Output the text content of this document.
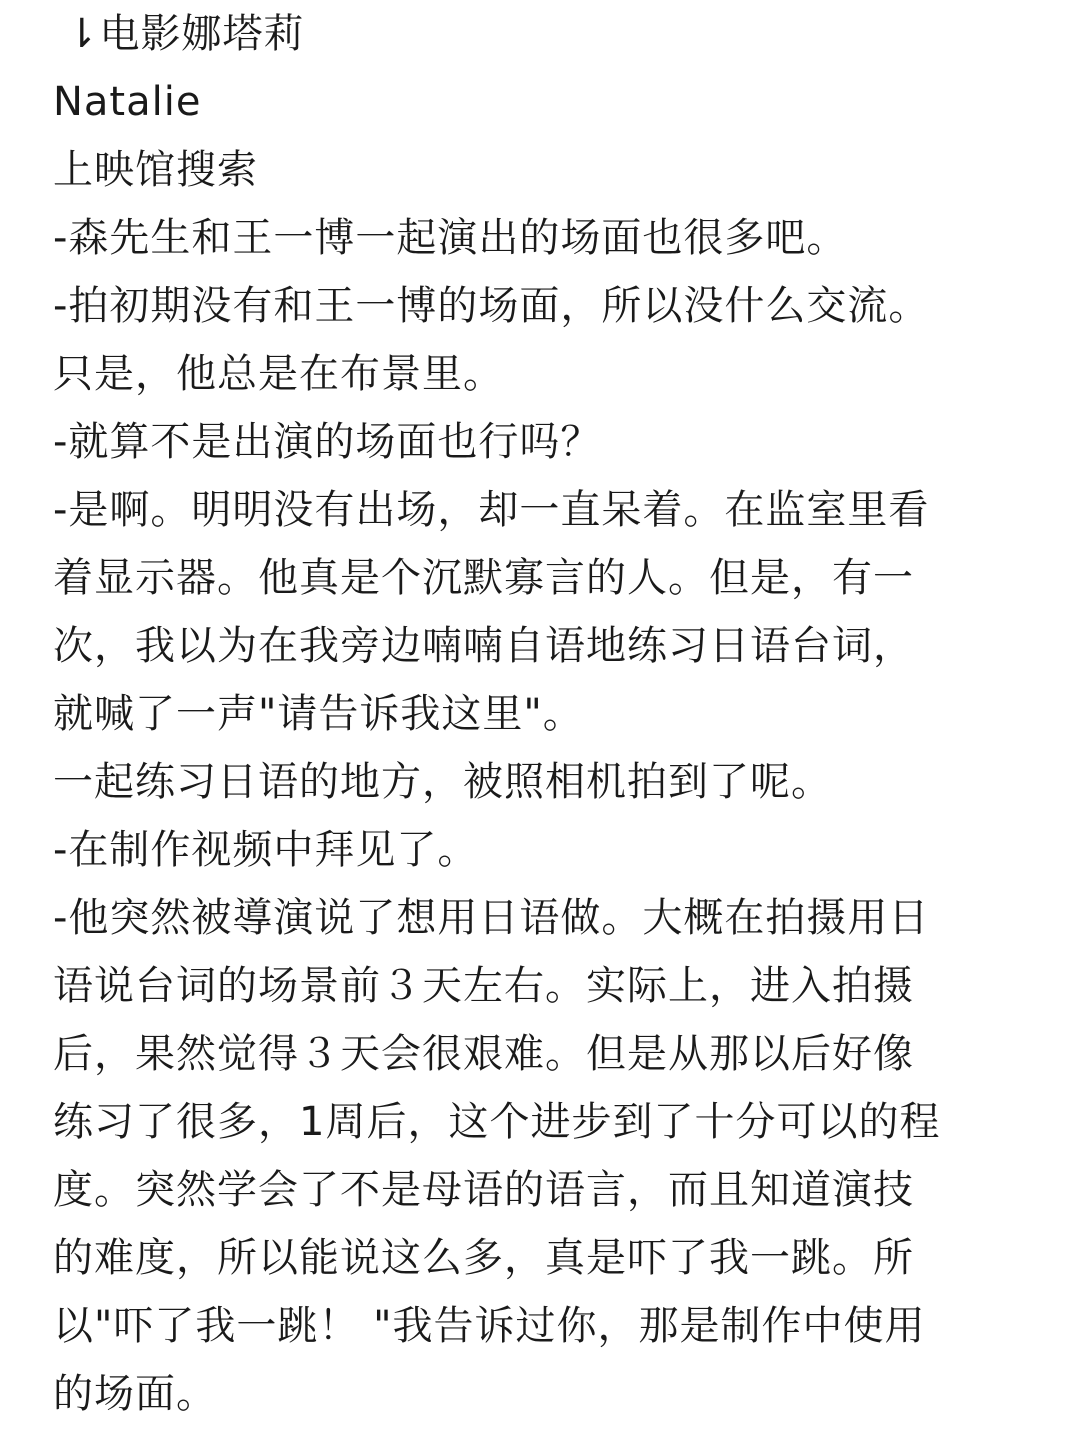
⇂电影娜塔莉
Natalie
上映馆搜索
-森先生和王一博一起演出的场面也很多吧。
-拍初期没有和王一博的场面，所以没什么交流。
只是，他总是在布景里。
-就算不是出演的场面也行吗？
-是啊。明明没有出场，却一直呆着。在监室里看
着显示器。他真是个沉默寡言的人。但是，有一
次，我以为在我旁边喃喃自语地练习日语台词，
就喊了一声"请告诉我这里"。
一起练习日语的地方，被照相机拍到了呢。
-在制作视频中拜见了。
-他突然被導演说了想用日语做。大概在拍摄用日
语说台词的场景前３天左右。实际上，进入拍摄
后，果然觉得３天会很艰难。但是从那以后好像
练习了很多，1周后，这个进步到了十分可以的程
度。突然学会了不是母语的语言，而且知道演技
的难度，所以能说这么多，真是吓了我一跳。所
以"吓了我一跳！ "我告诉过你，那是制作中使用
的场面。
